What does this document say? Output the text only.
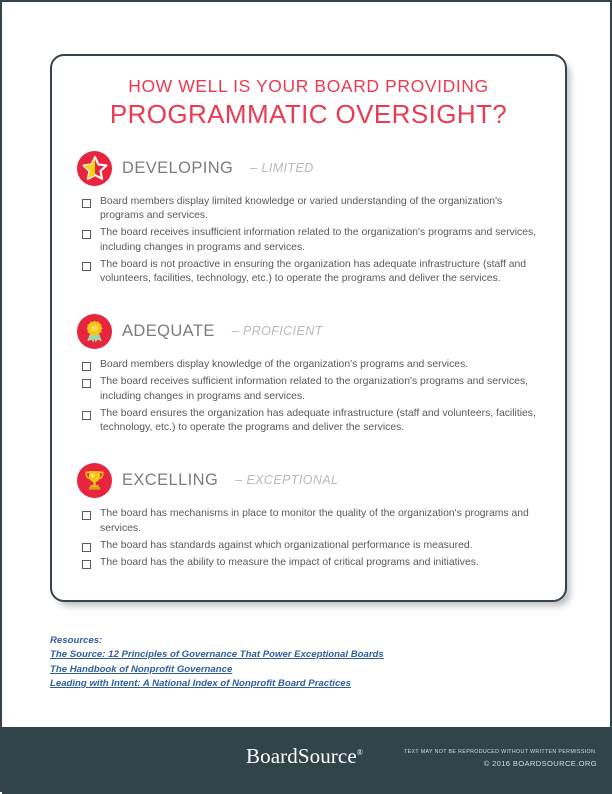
HOW WELL IS YOUR BOARD PROVIDING
PROGRAMMATIC OVERSIGHT?
DEVELOPING – LIMITED
Board members display limited knowledge or varied understanding of the organization's programs and services.
The board receives insufficient information related to the organization's programs and services, including changes in programs and services.
The board is not proactive in ensuring the organization has adequate infrastructure (staff and volunteers, facilities, technology, etc.) to operate the programs and deliver the services.
ADEQUATE – PROFICIENT
Board members display knowledge of the organization's programs and services.
The board receives sufficient information related to the organization's programs and services, including changes in programs and services.
The board ensures the organization has adequate infrastructure (staff and volunteers, facilities, technology, etc.) to operate the programs and deliver the services.
EXCELLING – EXCEPTIONAL
The board has mechanisms in place to monitor the quality of the organization's programs and services.
The board has standards against which organizational performance is measured.
The board has the ability to measure the impact of critical programs and initiatives.
Resources:
The Source: 12 Principles of Governance That Power Exceptional Boards
The Handbook of Nonprofit Governance
Leading with Intent: A National Index of Nonprofit Board Practices
BoardSource®	TEXT MAY NOT BE REPRODUCED WITHOUT WRITTEN PERMISSION.
© 2016 BOARDSOURCE.ORG
